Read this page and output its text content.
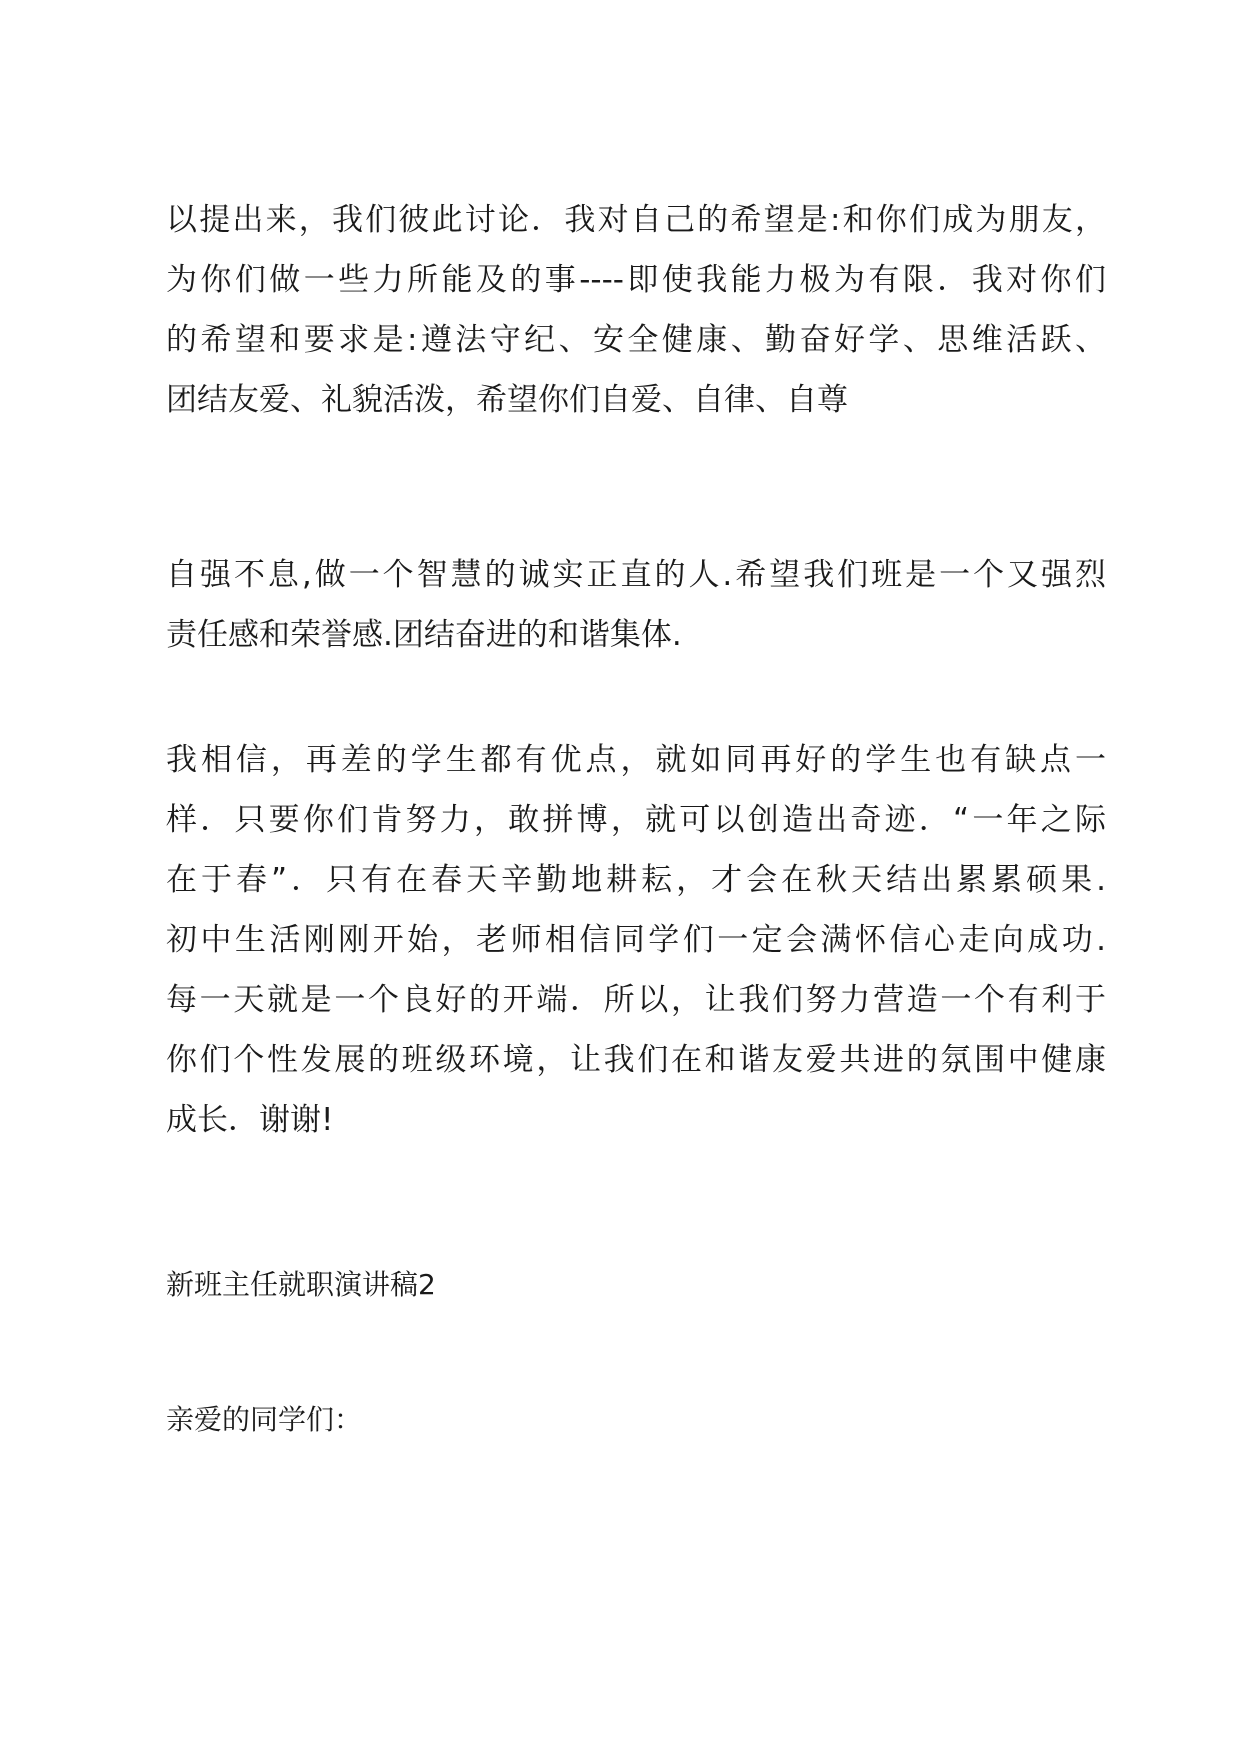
以提出来，我们彼此讨论．我对自己的希望是:和你们成为朋友，
为你们做一些力所能及的事----即使我能力极为有限．我对你们
的希望和要求是:遵法守纪、安全健康、勤奋好学、思维活跃、
团结友爱、礼貌活泼，希望你们自爱、自律、自尊
自强不息,做一个智慧的诚实正直的人.希望我们班是一个又强烈
责任感和荣誉感.团结奋进的和谐集体.
我相信，再差的学生都有优点，就如同再好的学生也有缺点一
样．只要你们肯努力，敢拼博，就可以创造出奇迹．“一年之际
在于春”．只有在春天辛勤地耕耘，才会在秋天结出累累硕果.
初中生活刚刚开始，老师相信同学们一定会满怀信心走向成功.
每一天就是一个良好的开端．所以，让我们努力营造一个有利于
你们个性发展的班级环境，让我们在和谐友爱共进的氛围中健康
成长．谢谢!
新班主任就职演讲稿2
亲爱的同学们：
